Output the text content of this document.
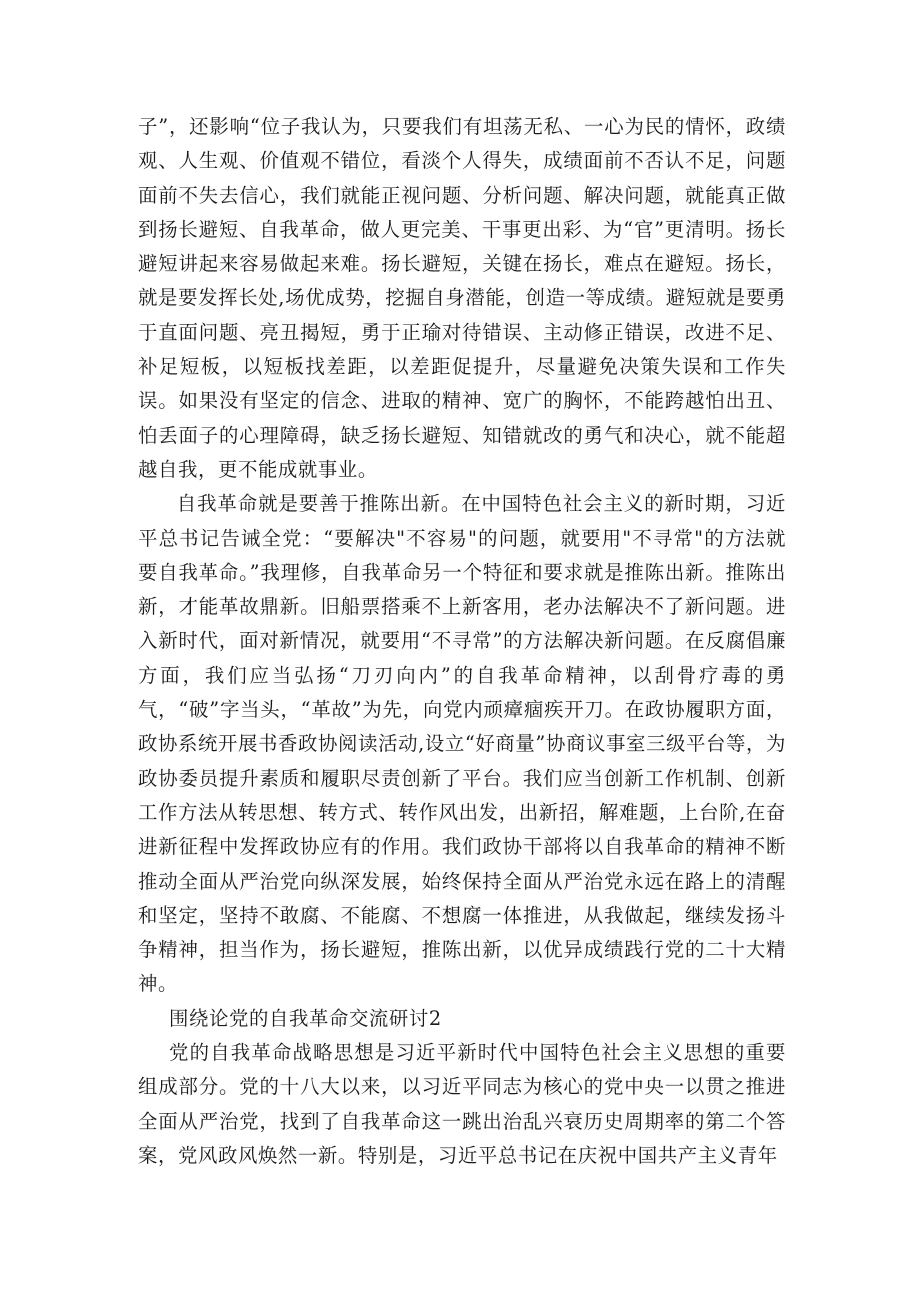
子”，还影响“位子我认为，只要我们有坦荡无私、一心为民的情怀，政绩观、人生观、价值观不错位，看淡个人得失，成绩面前不否认不足，问题面前不失去信心，我们就能正视问题、分析问题、解决问题，就能真正做到扬长避短、自我革命，做人更完美、干事更出彩、为“官”更清明。扬长避短讲起来容易做起来难。扬长避短，关键在扬长，难点在避短。扬长，就是要发挥长处,场优成势，挖掘自身潜能，创造一等成绩。避短就是要勇于直面问题、亮丑揭短，勇于正瑜对待错误、主动修正错误，改进不足、补足短板，以短板找差距，以差距促提升，尽量避免决策失误和工作失误。如果没有坚定的信念、进取的精神、宽广的胸怀，不能跨越怕出丑、怕丢面子的心理障碍，缺乏扬长避短、知错就改的勇气和决心，就不能超越自我，更不能成就事业。

自我革命就是要善于推陈出新。在中国特色社会主义的新时期，习近平总书记告诫全党：“要解决"不容易"的问题，就要用"不寻常"的方法就要自我革命。”我理修，自我革命另一个特征和要求就是推陈出新。推陈出新，才能革故鼎新。旧船票搭乘不上新客用，老办法解决不了新问题。进入新时代，面对新情况，就要用“不寻常”的方法解决新问题。在反腐倡廉方面，我们应当弘扬“刀刃向内”的自我革命精神，以刮骨疗毒的勇气，“破”字当头，“革故”为先，向党内顽瘴痼疾开刀。在政协履职方面，政协系统开展书香政协阅读活动,设立“好商量”协商议事室三级平台等，为政协委员提升素质和履职尽责创新了平台。我们应当创新工作机制、创新工作方法从转思想、转方式、转作风出发，出新招，解难题，上台阶,在奋进新征程中发挥政协应有的作用。我们政协干部将以自我革命的精神不断推动全面从严治党向纵深发展，始终保持全面从严治党永远在路上的清醒和坚定，坚持不敢腐、不能腐、不想腐一体推进，从我做起，继续发扬斗争精神，担当作为，扬长避短，推陈出新，以优异成绩践行党的二十大精神。

围绕论党的自我革命交流研讨2

党的自我革命战略思想是习近平新时代中国特色社会主义思想的重要组成部分。党的十八大以来，以习近平同志为核心的党中央一以贯之推进全面从严治党，找到了自我革命这一跳出治乱兴衰历史周期率的第二个答案，党风政风焕然一新。特别是，习近平总书记在庆祝中国共产主义青年
